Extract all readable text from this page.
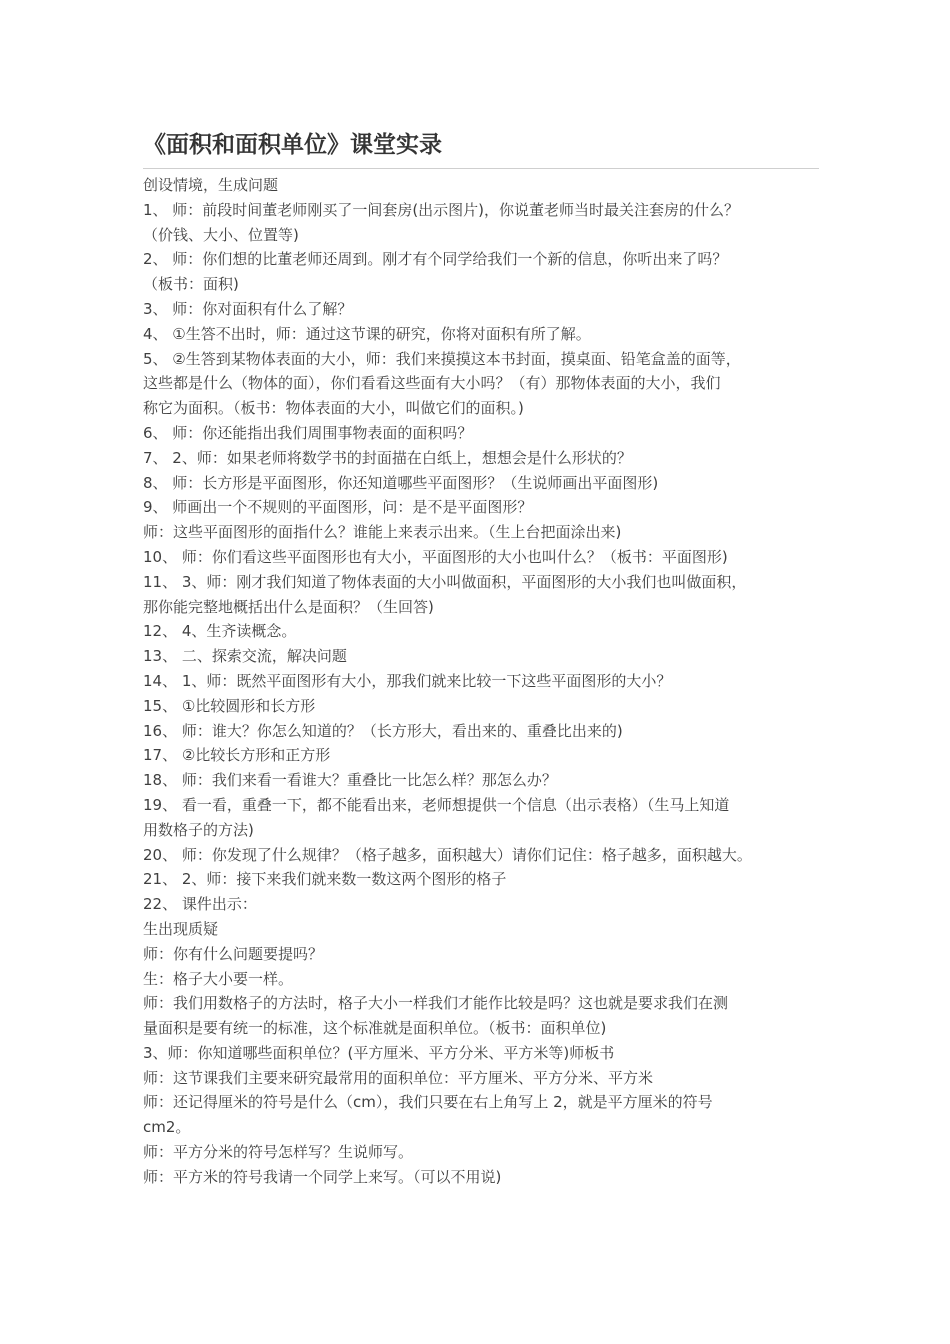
《面积和面积单位》课堂实录

创设情境，生成问题

1、 师：前段时间董老师刚买了一间套房(出示图片)，你说董老师当时最关注套房的什么？

（价钱、大小、位置等)

2、 师：你们想的比董老师还周到。刚才有个同学给我们一个新的信息，你听出来了吗？

（板书：面积)

3、 师：你对面积有什么了解？

4、 ①生答不出时，师：通过这节课的研究，你将对面积有所了解。

5、 ②生答到某物体表面的大小，师：我们来摸摸这本书封面，摸桌面、铅笔盒盖的面等，

这些都是什么（物体的面），你们看看这些面有大小吗？（有）那物体表面的大小，我们

称它为面积。（板书：物体表面的大小，叫做它们的面积。)

6、 师：你还能指出我们周围事物表面的面积吗？

7、 2、师：如果老师将数学书的封面描在白纸上，想想会是什么形状的？

8、 师：长方形是平面图形，你还知道哪些平面图形？（生说师画出平面图形)

9、 师画出一个不规则的平面图形，问：是不是平面图形？

师：这些平面图形的面指什么？谁能上来表示出来。（生上台把面涂出来)

10、 师：你们看这些平面图形也有大小，平面图形的大小也叫什么？（板书：平面图形)

11、 3、师：刚才我们知道了物体表面的大小叫做面积，平面图形的大小我们也叫做面积，

那你能完整地概括出什么是面积？（生回答)

12、 4、生齐读概念。

13、 二、探索交流，解决问题

14、 1、师：既然平面图形有大小，那我们就来比较一下这些平面图形的大小？

15、 ①比较圆形和长方形

16、 师：谁大？你怎么知道的？（长方形大，看出来的、重叠比出来的)

17、 ②比较长方形和正方形

18、 师：我们来看一看谁大？重叠比一比怎么样？那怎么办？

19、 看一看，重叠一下，都不能看出来，老师想提供一个信息（出示表格）（生马上知道

用数格子的方法)

20、 师：你发现了什么规律？（格子越多，面积越大）请你们记住：格子越多，面积越大。

21、 2、师：接下来我们就来数一数这两个图形的格子

22、 课件出示：

生出现质疑

师：你有什么问题要提吗？

生：格子大小要一样。

师：我们用数格子的方法时，格子大小一样我们才能作比较是吗？这也就是要求我们在测

量面积是要有统一的标准，这个标准就是面积单位。（板书：面积单位)

3、师：你知道哪些面积单位？(平方厘米、平方分米、平方米等)师板书

师：这节课我们主要来研究最常用的面积单位：平方厘米、平方分米、平方米

师：还记得厘米的符号是什么（cm），我们只要在右上角写上 2，就是平方厘米的符号

cm2。

师：平方分米的符号怎样写？生说师写。

师：平方米的符号我请一个同学上来写。（可以不用说)
